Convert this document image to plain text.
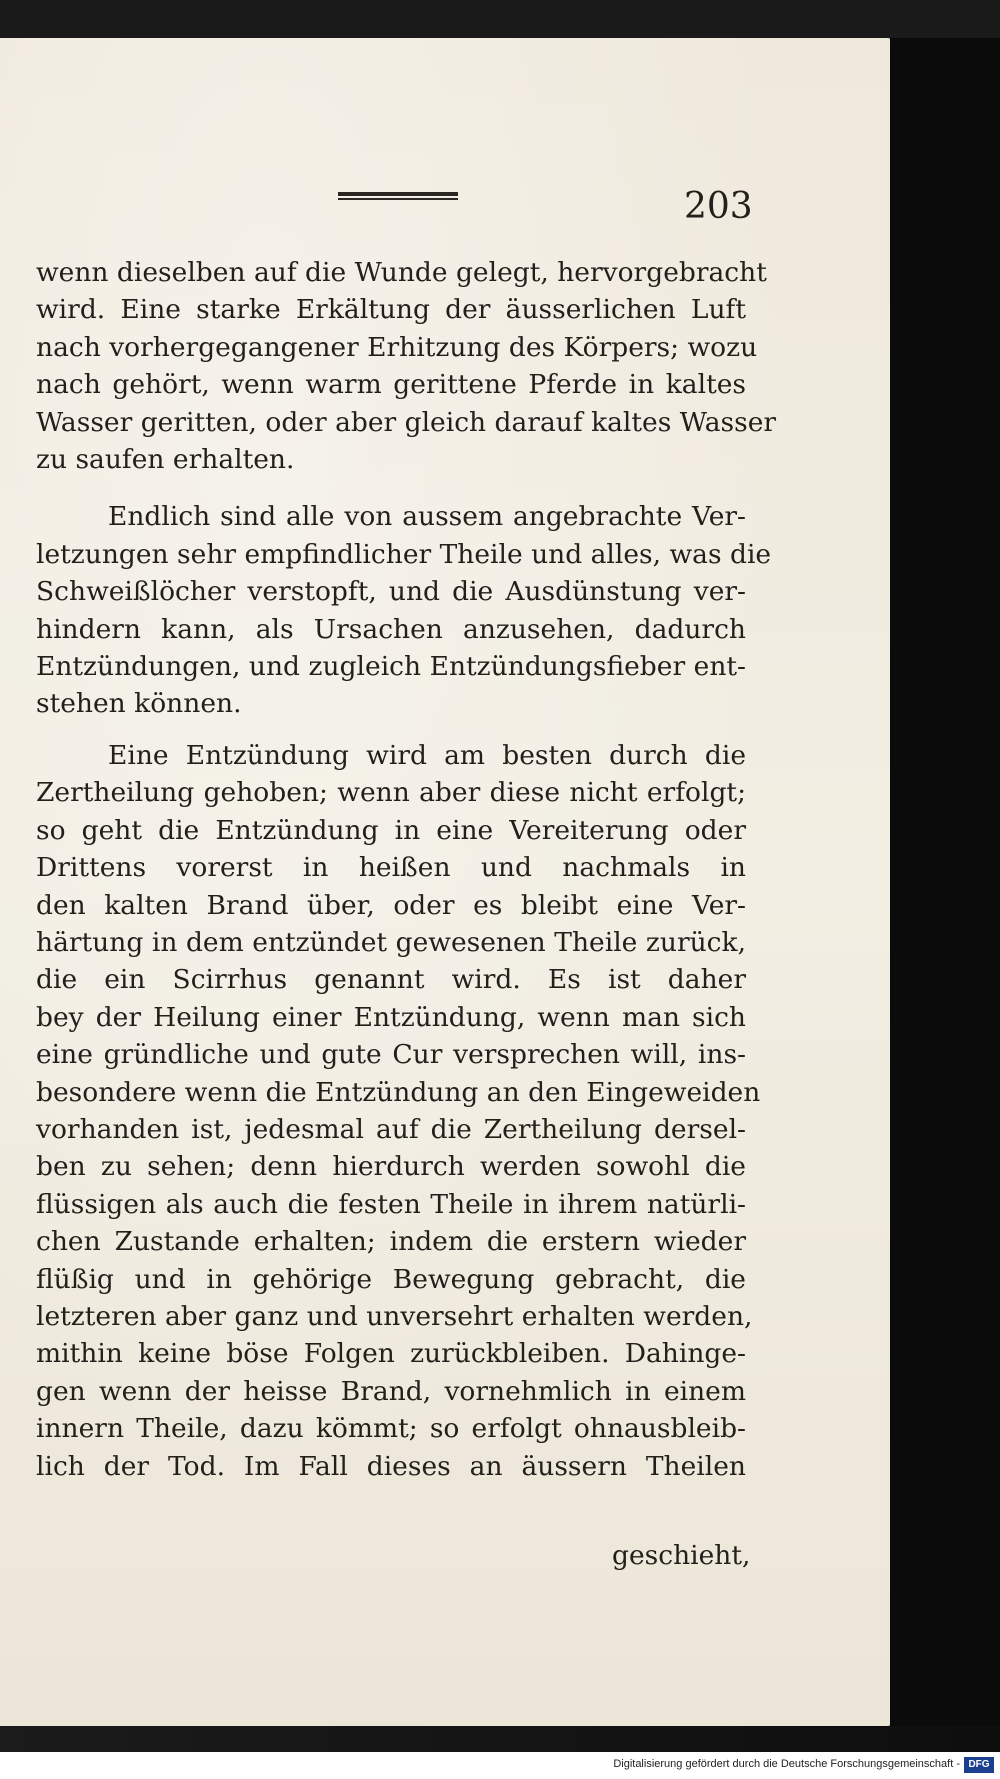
203

wenn dieselben auf die Wunde gelegt, hervorgebracht
wird. Eine starke Erkältung der äusserlichen Luft
nach vorhergegangener Erhitzung des Körpers; wozu
nach gehört, wenn warm gerittene Pferde in kaltes
Wasser geritten, oder aber gleich darauf kaltes Wasser
zu saufen erhalten.

Endlich sind alle von aussem angebrachte Ver-
letzungen sehr empfindlicher Theile und alles, was die
Schweißlöcher verstopft, und die Ausdünstung ver-
hindern kann, als Ursachen anzusehen, dadurch
Entzündungen, und zugleich Entzündungsfieber ent-
stehen können.

Eine Entzündung wird am besten durch die
Zertheilung gehoben; wenn aber diese nicht erfolgt;
so geht die Entzündung in eine Vereiterung oder
Drittens vorerst in heißen und nachmals in
den kalten Brand über, oder es bleibt eine Ver-
härtung in dem entzündet gewesenen Theile zurück,
die ein Scirrhus genannt wird. Es ist daher
bey der Heilung einer Entzündung, wenn man sich
eine gründliche und gute Cur versprechen will, ins-
besondere wenn die Entzündung an den Eingeweiden
vorhanden ist, jedesmal auf die Zertheilung dersel-
ben zu sehen; denn hierdurch werden sowohl die
flüssigen als auch die festen Theile in ihrem natürli-
chen Zustande erhalten; indem die erstern wieder
flüßig und in gehörige Bewegung gebracht, die
letzteren aber ganz und unversehrt erhalten werden,
mithin keine böse Folgen zurückbleiben. Dahinge-
gen wenn der heisse Brand, vornehmlich in einem
innern Theile, dazu kömmt; so erfolgt ohnausbleib-
lich der Tod. Im Fall dieses an äussern Theilen

geschieht,
Digitalisierung gefördert durch die Deutsche Forschungsgemeinschaft - DFG
